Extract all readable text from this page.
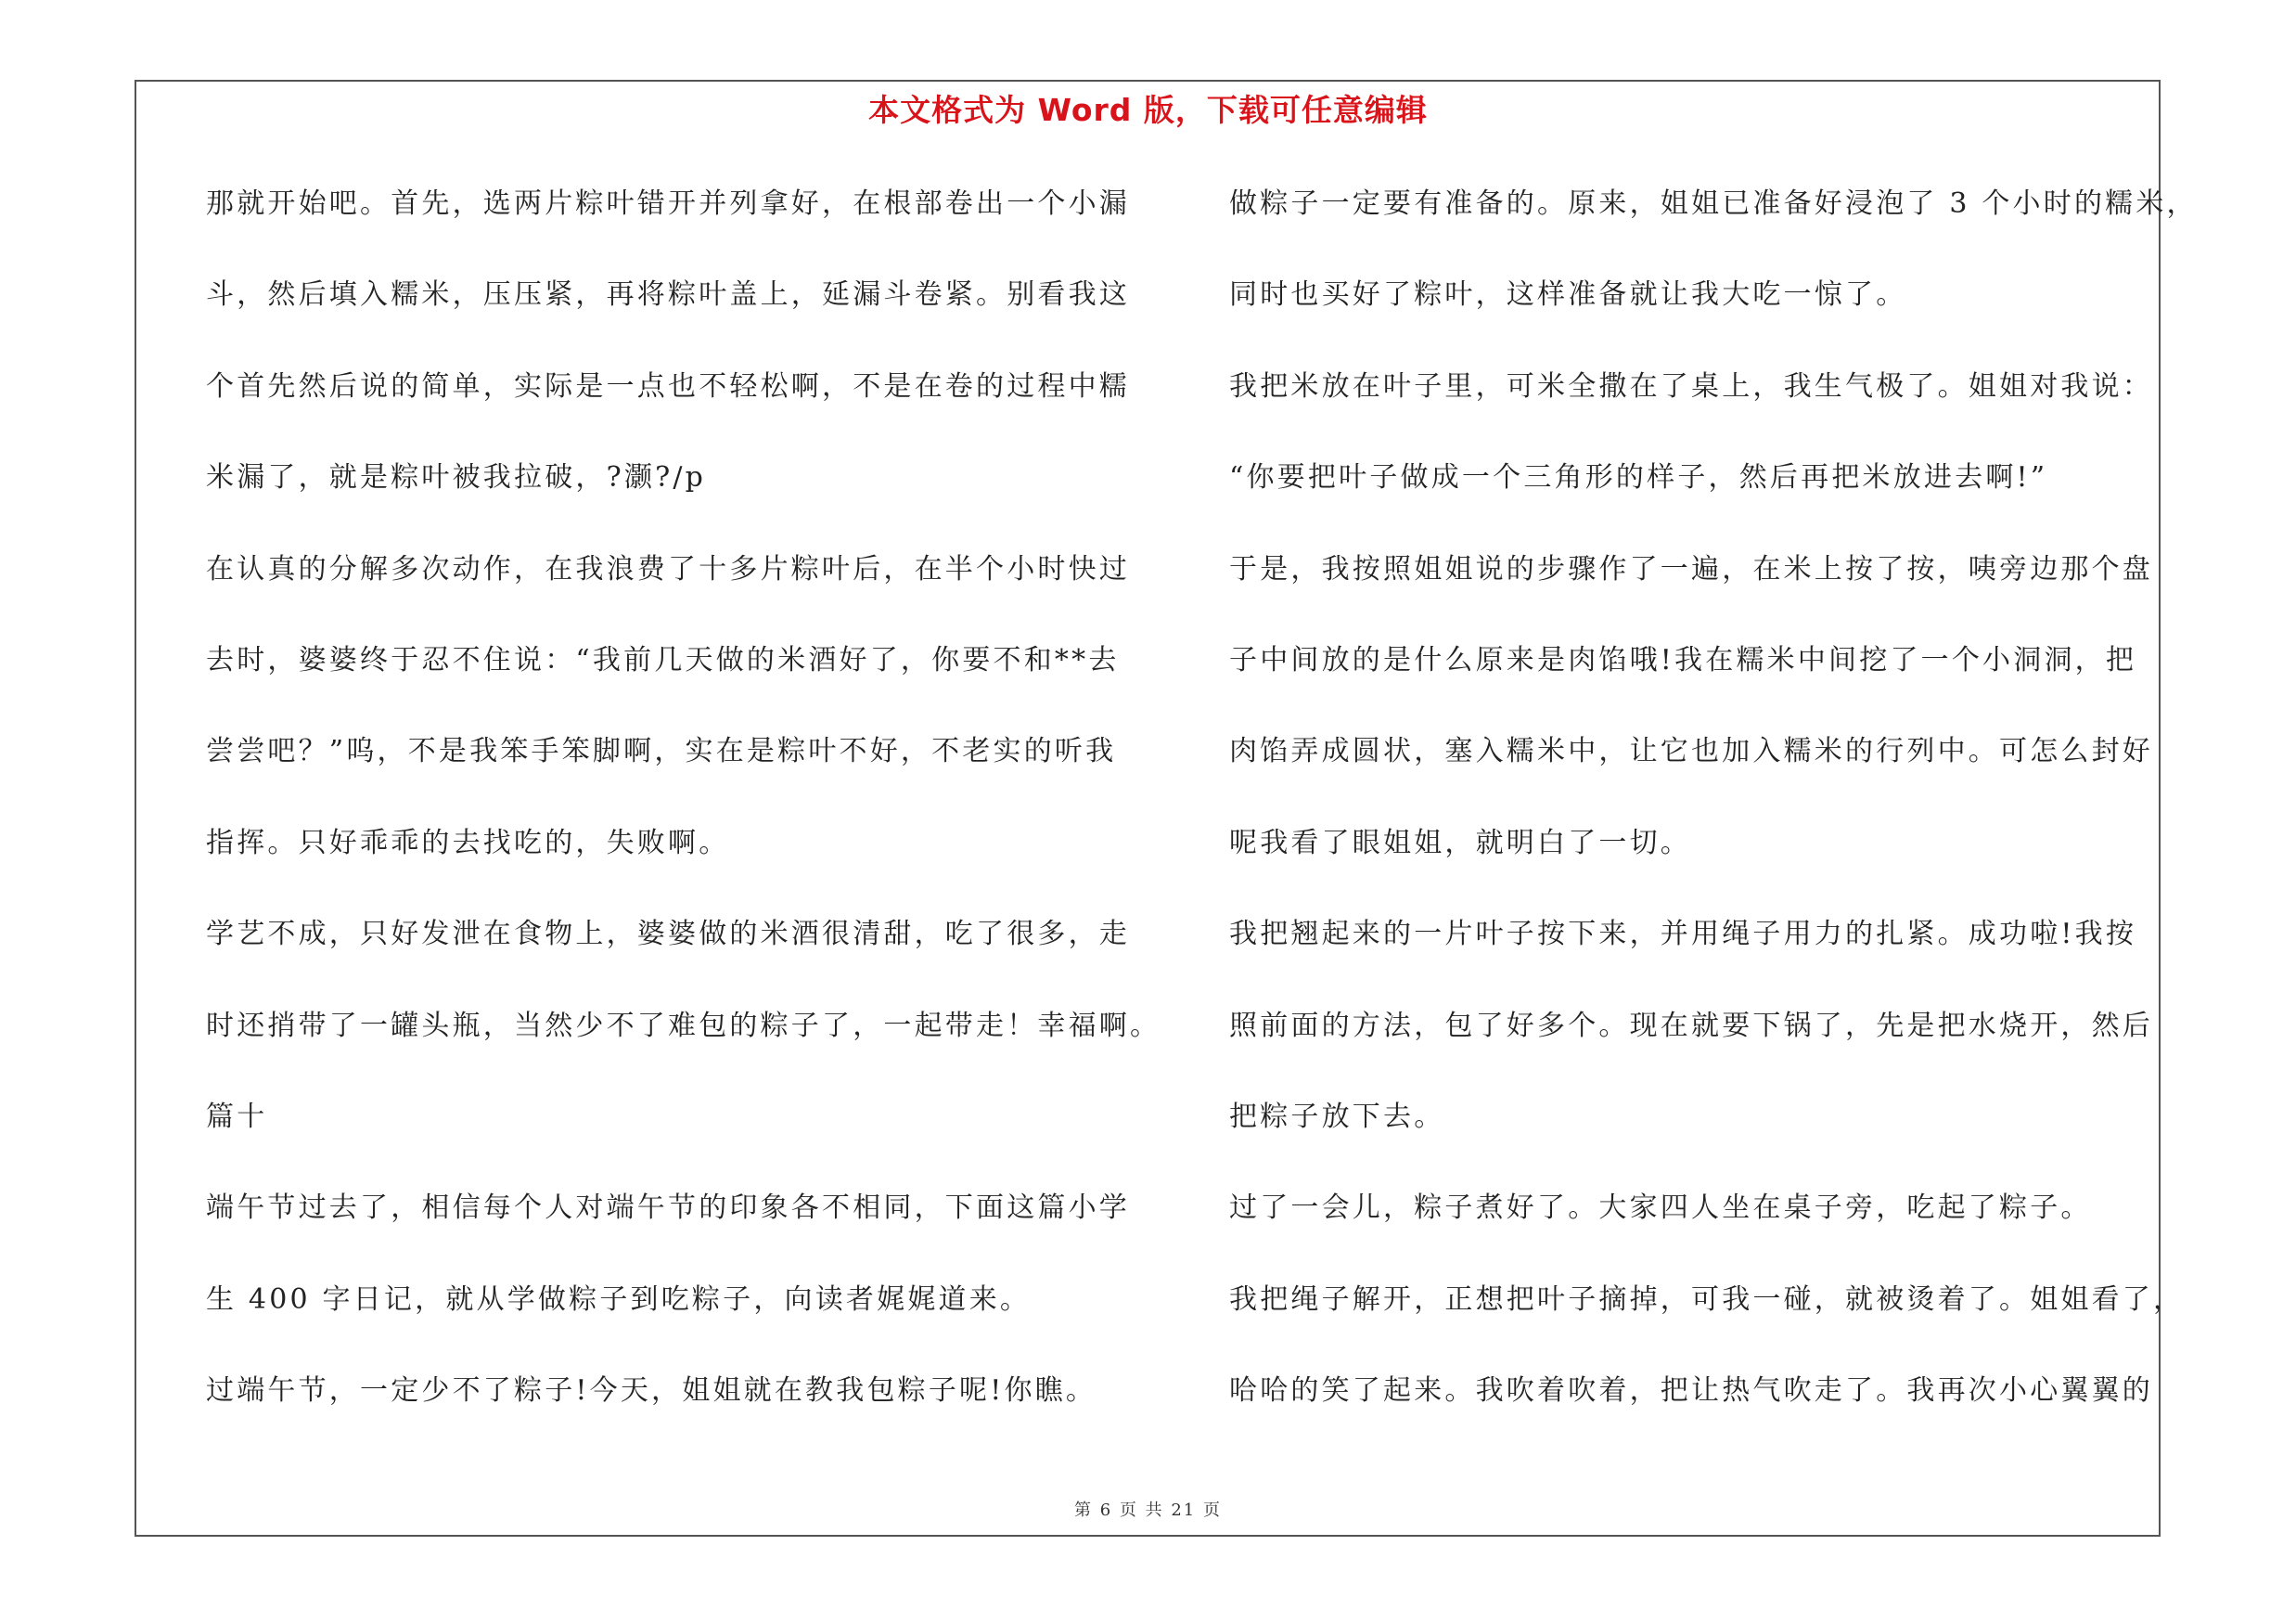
本文格式为 Word 版，下载可任意编辑
那就开始吧。首先，选两片粽叶错开并列拿好，在根部卷出一个小漏
斗，然后填入糯米，压压紧，再将粽叶盖上，延漏斗卷紧。别看我这
个首先然后说的简单，实际是一点也不轻松啊，不是在卷的过程中糯
米漏了，就是粽叶被我拉破，?灏?/p
在认真的分解多次动作，在我浪费了十多片粽叶后，在半个小时快过
去时，婆婆终于忍不住说：“我前几天做的米酒好了，你要不和**去
尝尝吧？”呜，不是我笨手笨脚啊，实在是粽叶不好，不老实的听我
指挥。只好乖乖的去找吃的，失败啊。
学艺不成，只好发泄在食物上，婆婆做的米酒很清甜，吃了很多，走
时还捎带了一罐头瓶，当然少不了难包的粽子了，一起带走！幸福啊。
篇十
端午节过去了，相信每个人对端午节的印象各不相同，下面这篇小学
生 400 字日记，就从学做粽子到吃粽子，向读者娓娓道来。
过端午节，一定少不了粽子!今天，姐姐就在教我包粽子呢!你瞧。
做粽子一定要有准备的。原来，姐姐已准备好浸泡了 3 个小时的糯米，
同时也买好了粽叶，这样准备就让我大吃一惊了。
我把米放在叶子里，可米全撒在了桌上，我生气极了。姐姐对我说：
“你要把叶子做成一个三角形的样子，然后再把米放进去啊!”
于是，我按照姐姐说的步骤作了一遍，在米上按了按，咦旁边那个盘
子中间放的是什么原来是肉馅哦!我在糯米中间挖了一个小洞洞，把
肉馅弄成圆状，塞入糯米中，让它也加入糯米的行列中。可怎么封好
呢我看了眼姐姐，就明白了一切。
我把翘起来的一片叶子按下来，并用绳子用力的扎紧。成功啦!我按
照前面的方法，包了好多个。现在就要下锅了，先是把水烧开，然后
把粽子放下去。
过了一会儿，粽子煮好了。大家四人坐在桌子旁，吃起了粽子。
我把绳子解开，正想把叶子摘掉，可我一碰，就被烫着了。姐姐看了，
哈哈的笑了起来。我吹着吹着，把让热气吹走了。我再次小心翼翼的
第 6 页 共 21 页
